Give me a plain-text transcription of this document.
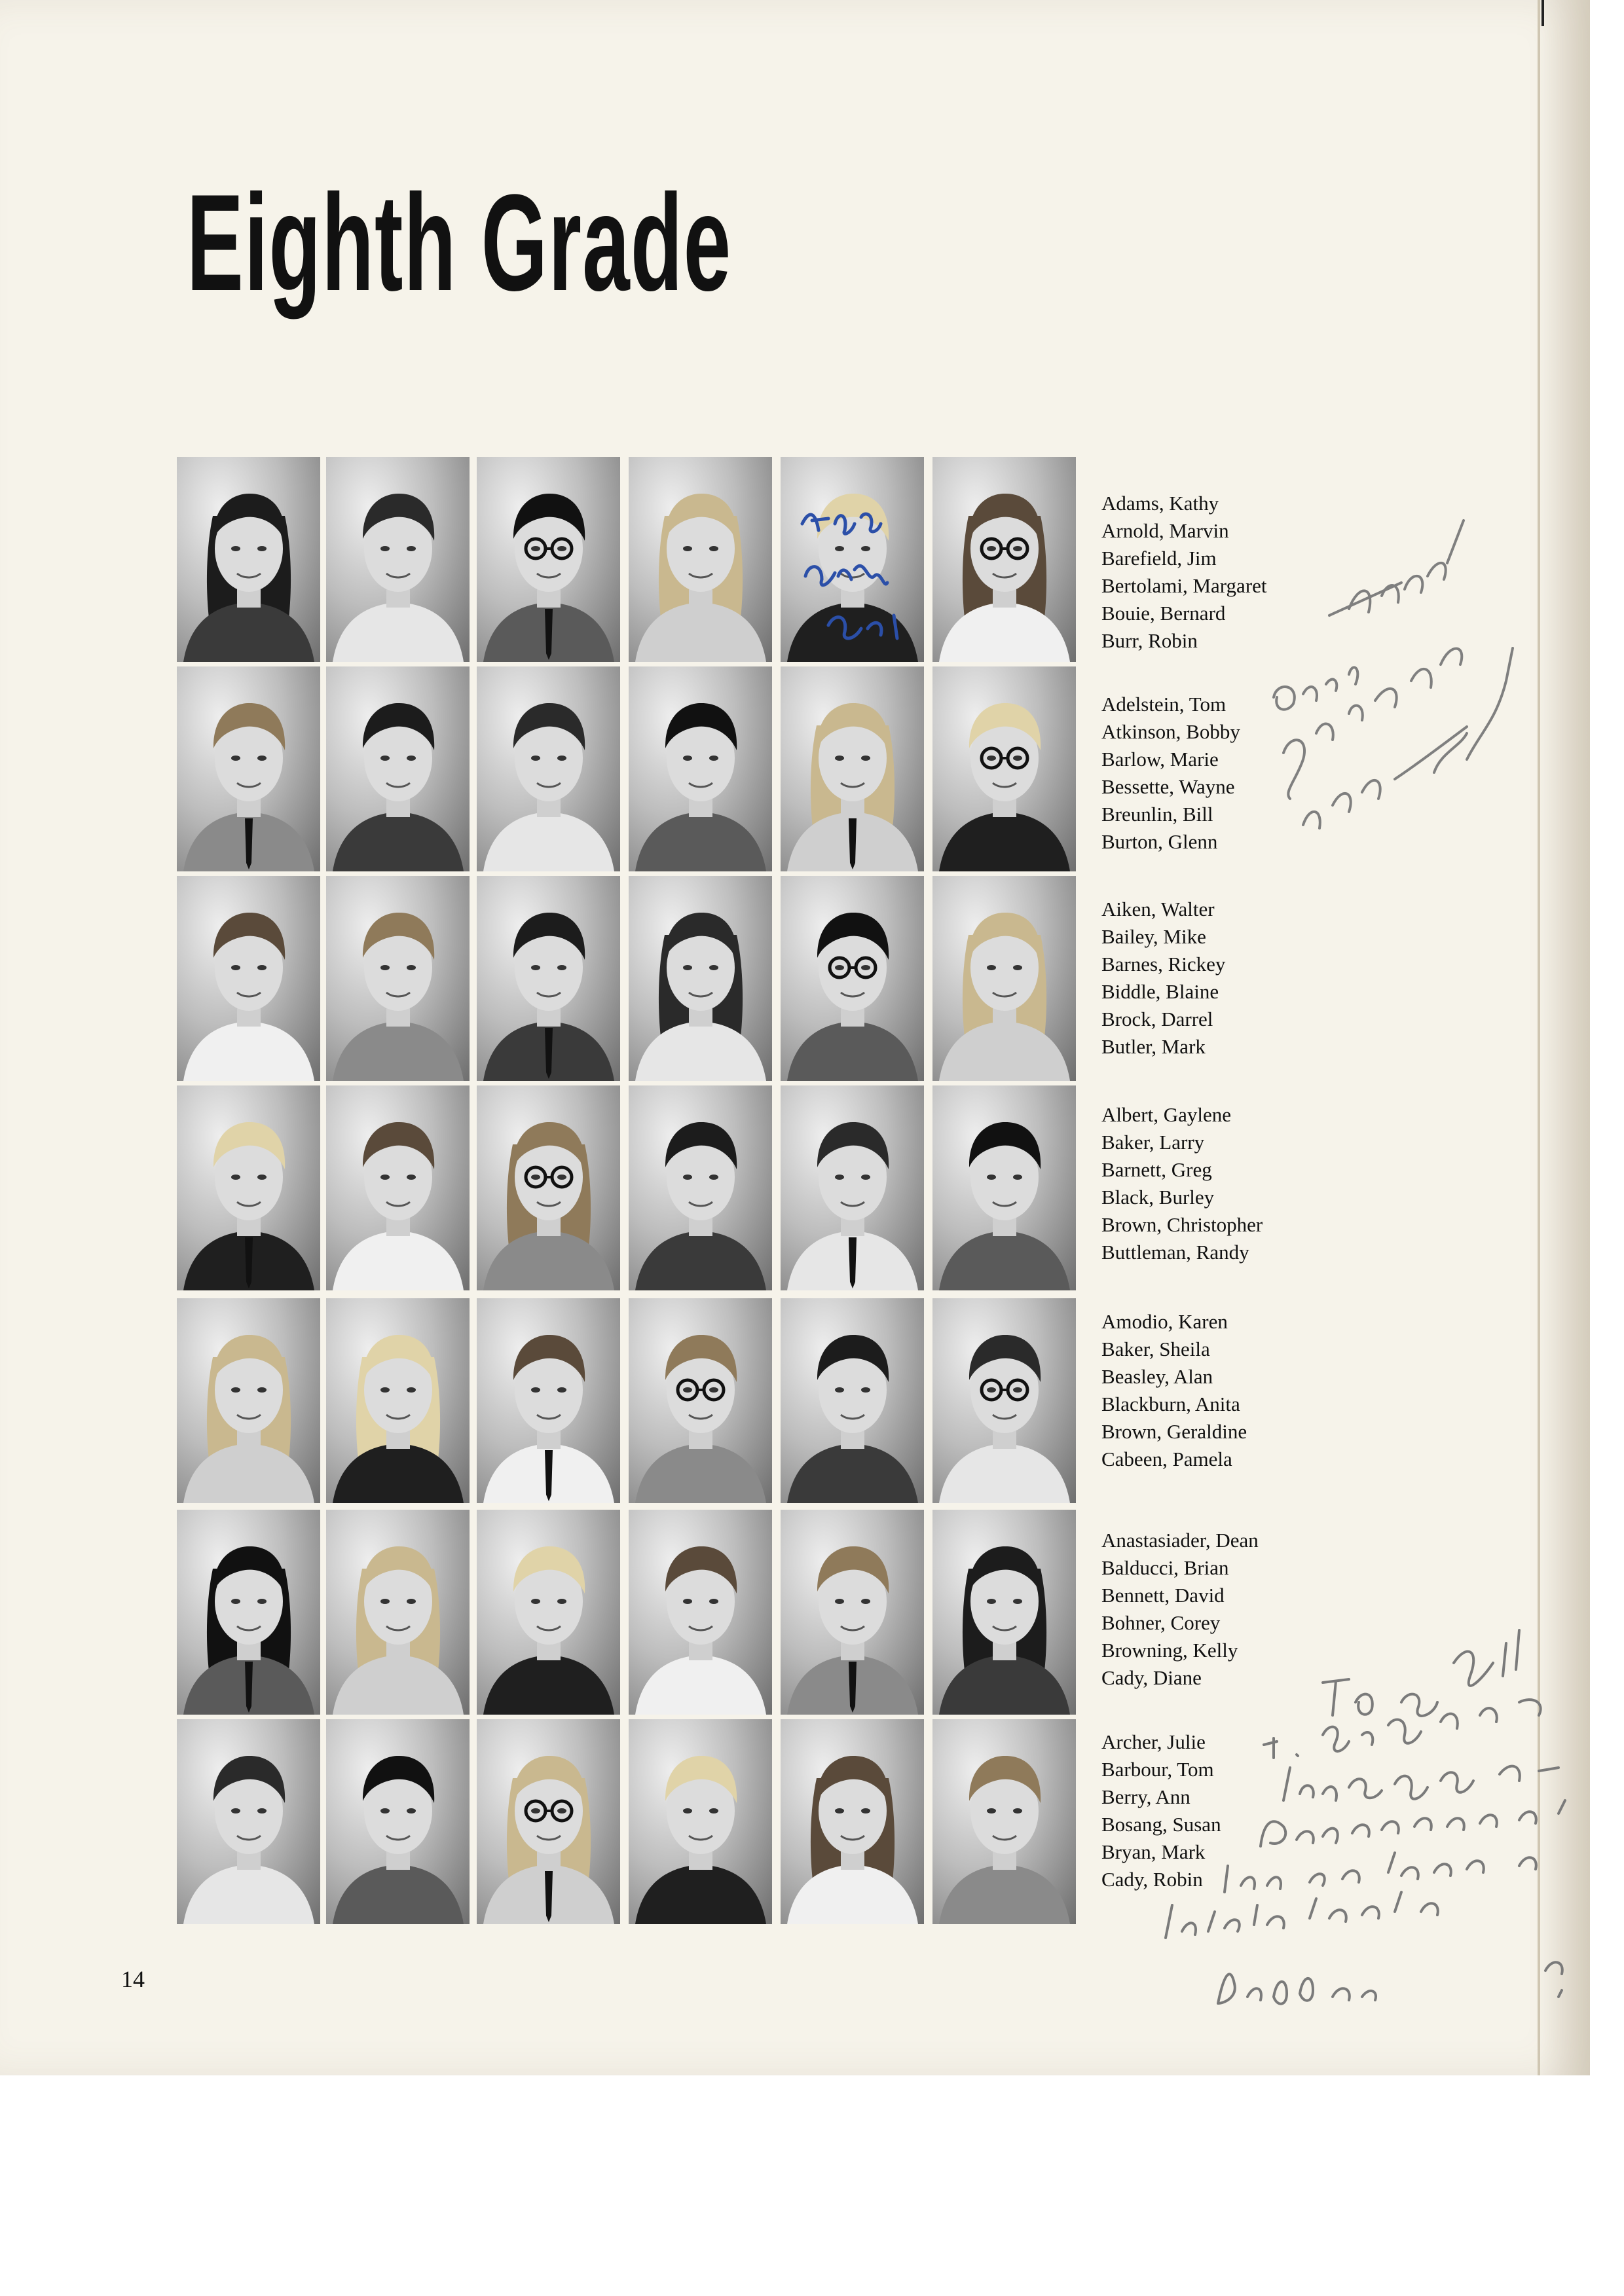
Eighth Grade
Adams, Kathy
Arnold, Marvin
Barefield, Jim
Bertolami, Margaret
Bouie, Bernard
Burr, Robin
Adelstein, Tom
Atkinson, Bobby
Barlow, Marie
Bessette, Wayne
Breunlin, Bill
Burton, Glenn
Aiken, Walter
Bailey, Mike
Barnes, Rickey
Biddle, Blaine
Brock, Darrel
Butler, Mark
Albert, Gaylene
Baker, Larry
Barnett, Greg
Black, Burley
Brown, Christopher
Buttleman, Randy
Amodio, Karen
Baker, Sheila
Beasley, Alan
Blackburn, Anita
Brown, Geraldine
Cabeen, Pamela
Anastasiader, Dean
Balducci, Brian
Bennett, David
Bohner, Corey
Browning, Kelly
Cady, Diane
Archer, Julie
Barbour, Tom
Berry, Ann
Bosang, Susan
Bryan, Mark
Cady, Robin
14
